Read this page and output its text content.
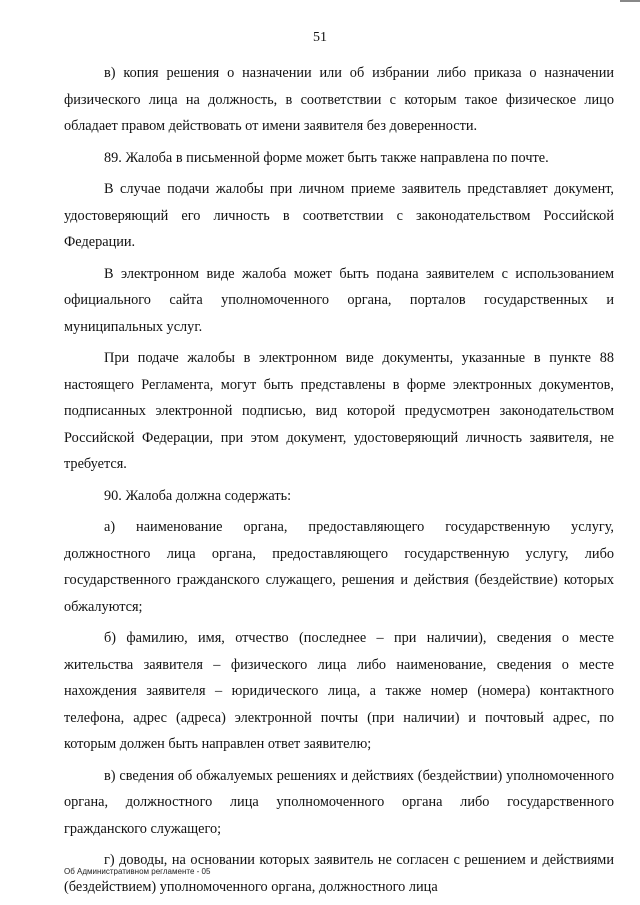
51

в) копия решения о назначении или об избрании либо приказа о назначении физического лица на должность, в соответствии с которым такое физическое лицо обладает правом действовать от имени заявителя без доверенности.

89. Жалоба в письменной форме может быть также направлена по почте.

В случае подачи жалобы при личном приеме заявитель представляет документ, удостоверяющий его личность в соответствии с законодательством Российской Федерации.

В электронном виде жалоба может быть подана заявителем с использованием официального сайта уполномоченного органа, порталов государственных и муниципальных услуг.

При подаче жалобы в электронном виде документы, указанные в пункте 88 настоящего Регламента, могут быть представлены в форме электронных документов, подписанных электронной подписью, вид которой предусмотрен законодательством Российской Федерации, при этом документ, удостоверяющий личность заявителя, не требуется.

90. Жалоба должна содержать:

а) наименование органа, предоставляющего государственную услугу, должностного лица органа, предоставляющего государственную услугу, либо государственного гражданского служащего, решения и действия (бездействие) которых обжалуются;

б) фамилию, имя, отчество (последнее – при наличии), сведения о месте жительства заявителя – физического лица либо наименование, сведения о месте нахождения заявителя – юридического лица, а также номер (номера) контактного телефона, адрес (адреса) электронной почты (при наличии) и почтовый адрес, по которым должен быть направлен ответ заявителю;

в) сведения об обжалуемых решениях и действиях (бездействии) уполномоченного органа, должностного лица уполномоченного органа либо государственного гражданского служащего;

г) доводы, на основании которых заявитель не согласен с решением и действиями (бездействием) уполномоченного органа, должностного лица

Об Административном регламенте - 05
